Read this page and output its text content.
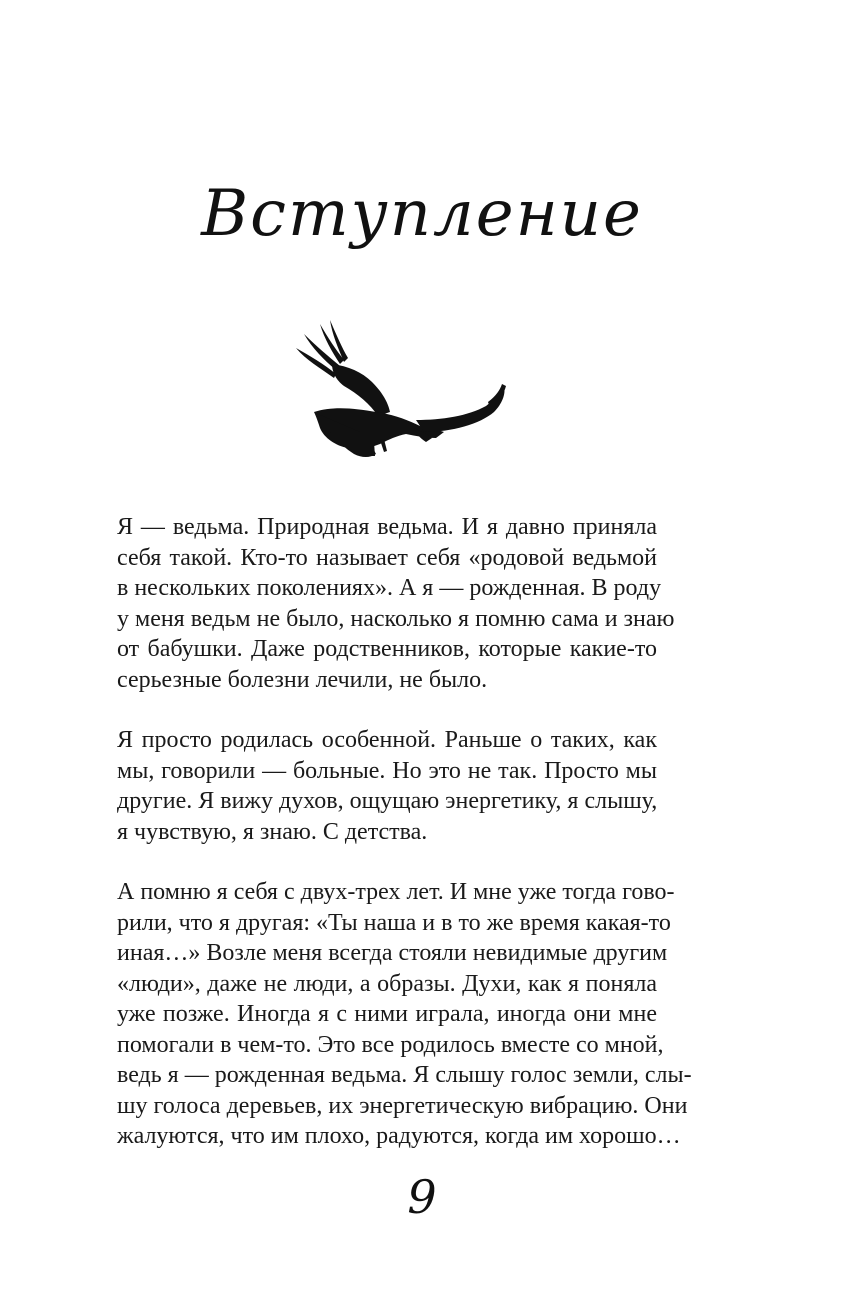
Вступление
Я — ведьма. Природная ведьма. И я давно приняла
себя такой. Кто-то называет себя «родовой ведьмой
в нескольких поколениях». А я — рожденная. В роду
у меня ведьм не было, насколько я помню сама и знаю
от бабушки. Даже родственников, которые какие-то
серьезные болезни лечили, не было.
Я просто родилась особенной. Раньше о таких, как
мы, говорили — больные. Но это не так. Просто мы
другие. Я вижу духов, ощущаю энергетику, я слышу,
я чувствую, я знаю. С детства.
А помню я себя с двух-трех лет. И мне уже тогда гово-
рили, что я другая: «Ты наша и в то же время какая-то
иная…» Возле меня всегда стояли невидимые другим
«люди», даже не люди, а образы. Духи, как я поняла
уже позже. Иногда я с ними играла, иногда они мне
помогали в чем-то. Это все родилось вместе со мной,
ведь я — рожденная ведьма. Я слышу голос земли, слы-
шу голоса деревьев, их энергетическую вибрацию. Они
жалуются, что им плохо, радуются, когда им хорошо…
9
